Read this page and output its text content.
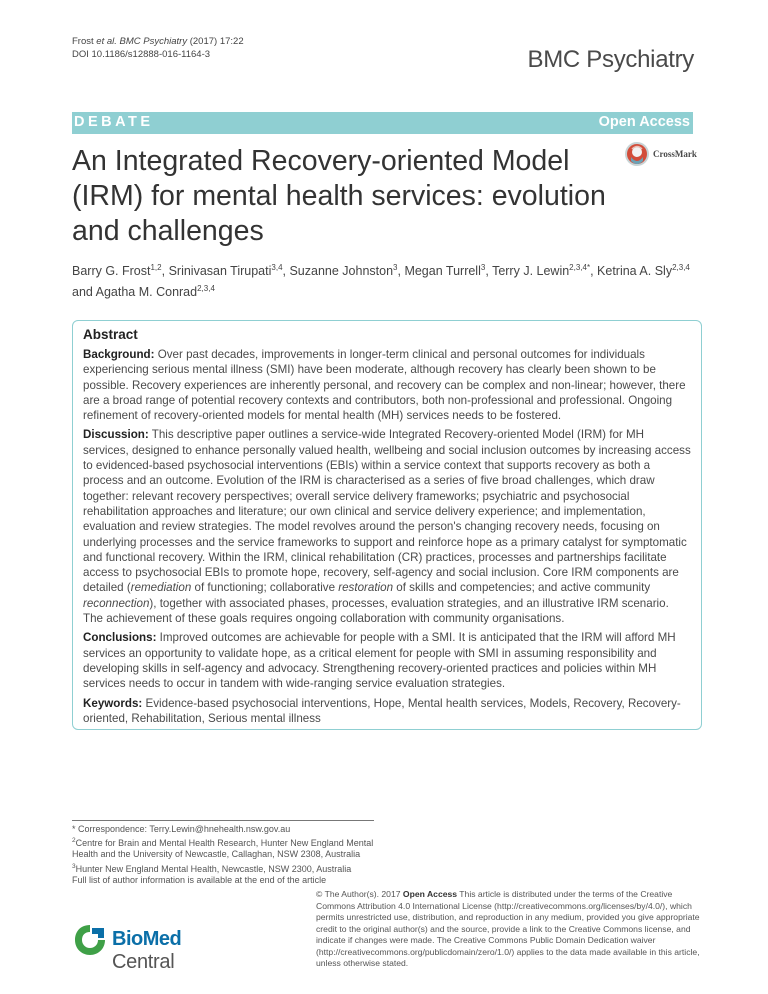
Frost et al. BMC Psychiatry (2017) 17:22
DOI 10.1186/s12888-016-1164-3	BMC Psychiatry
DEBATE	Open Access
An Integrated Recovery-oriented Model (IRM) for mental health services: evolution and challenges
CrossMark
Barry G. Frost$^{1,2}$, Srinivasan Tirupati$^{3,4}$, Suzanne Johnston$^3$, Megan Turrell$^3$, Terry J. Lewin$^{2,3,4*}$, Ketrina A. Sly$^{2,3,4}$ and Agatha M. Conrad$^{2,3,4}$
Abstract

Background: Over past decades, improvements in longer-term clinical and personal outcomes for individuals experiencing serious mental illness (SMI) have been moderate, although recovery has clearly been shown to be possible. Recovery experiences are inherently personal, and recovery can be complex and non-linear; however, there are a broad range of potential recovery contexts and contributors, both non-professional and professional. Ongoing refinement of recovery-oriented models for mental health (MH) services needs to be fostered.

Discussion: This descriptive paper outlines a service-wide Integrated Recovery-oriented Model (IRM) for MH services, designed to enhance personally valued health, wellbeing and social inclusion outcomes by increasing access to evidenced-based psychosocial interventions (EBIs) within a service context that supports recovery as both a process and an outcome. Evolution of the IRM is characterised as a series of five broad challenges, which draw together: relevant recovery perspectives; overall service delivery frameworks; psychiatric and psychosocial rehabilitation approaches and literature; our own clinical and service delivery experience; and implementation, evaluation and review strategies. The model revolves around the person's changing recovery needs, focusing on underlying processes and the service frameworks to support and reinforce hope as a primary catalyst for symptomatic and functional recovery. Within the IRM, clinical rehabilitation (CR) practices, processes and partnerships facilitate access to psychosocial EBIs to promote hope, recovery, self-agency and social inclusion. Core IRM components are detailed (remediation of functioning; collaborative restoration of skills and competencies; and active community reconnection), together with associated phases, processes, evaluation strategies, and an illustrative IRM scenario. The achievement of these goals requires ongoing collaboration with community organisations.

Conclusions: Improved outcomes are achievable for people with a SMI. It is anticipated that the IRM will afford MH services an opportunity to validate hope, as a critical element for people with SMI in assuming responsibility and developing skills in self-agency and advocacy. Strengthening recovery-oriented practices and policies within MH services needs to occur in tandem with wide-ranging service evaluation strategies.

Keywords: Evidence-based psychosocial interventions, Hope, Mental health services, Models, Recovery, Recovery-oriented, Rehabilitation, Serious mental illness

* Correspondence: Terry.Lewin@hnehealth.nsw.gov.au
$^2$Centre for Brain and Mental Health Research, Hunter New England Mental Health and the University of Newcastle, Callaghan, NSW 2308, Australia
$^3$Hunter New England Mental Health, Newcastle, NSW 2300, Australia
Full list of author information is available at the end of the article
BioMed Central
© The Author(s). 2017 Open Access This article is distributed under the terms of the Creative Commons Attribution 4.0 International License (http://creativecommons.org/licenses/by/4.0/), which permits unrestricted use, distribution, and reproduction in any medium, provided you give appropriate credit to the original author(s) and the source, provide a link to the Creative Commons license, and indicate if changes were made. The Creative Commons Public Domain Dedication waiver (http://creativecommons.org/publicdomain/zero/1.0/) applies to the data made available in this article, unless otherwise stated.
